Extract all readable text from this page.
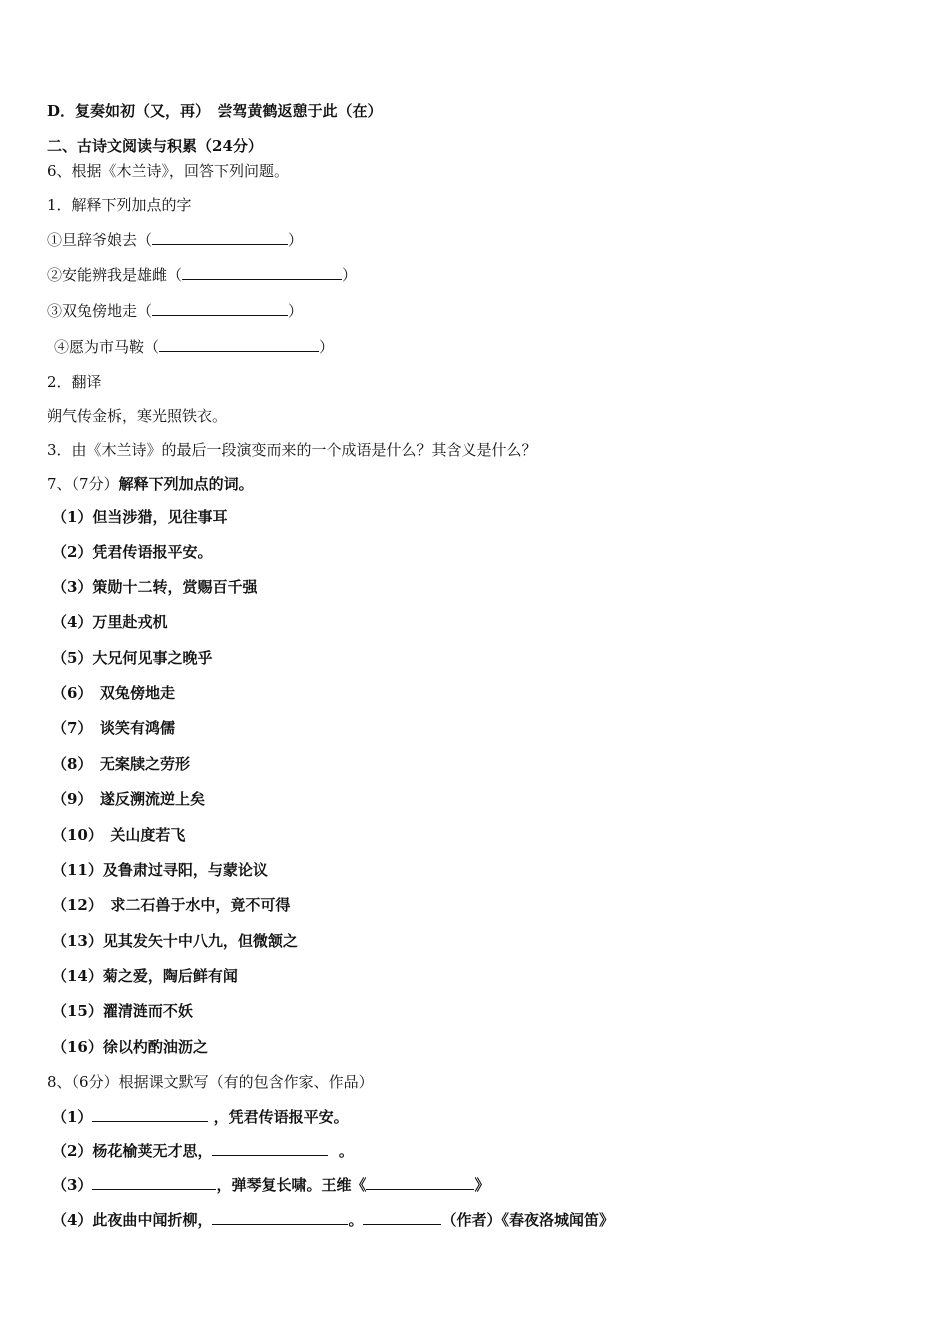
D．复奏如初（又，再）　尝驾黄鹤返憩于此（在）
二、古诗文阅读与积累（24分）
6、根据《木兰诗》，回答下列问题。
1．解释下列加点的字
①旦辞爷娘去（	）
②安能辨我是雄雌（	）
③双兔傍地走（	）
④愿为市马鞍（	）
2．翻译
朔气传金柝，寒光照铁衣。
3．由《木兰诗》的最后一段演变而来的一个成语是什么？其含义是什么？
7、（7分）解释下列加点的词。
（1）但当涉猎，见往事耳
（2）凭君传语报平安。
（3）策勋十二转，赏赐百千强
（4）万里赴戎机
（5）大兄何见事之晚乎
（6）　双兔傍地走
（7）　谈笑有鸿儒
（8）　无案牍之劳形
（9）　遂反溯流逆上矣
（10）　关山度若飞
（11）及鲁肃过寻阳，与蒙论议
（12）　求二石兽于水中，竟不可得
（13）见其发矢十中八九，但微颔之
（14）菊之爱，陶后鲜有闻
（15）濯清涟而不妖
（16）徐以杓酌油沥之
8、（6分）根据课文默写（有的包含作家、作品）
（1）	，凭君传语报平安。
（2）杨花榆荚无才思，	。
（3）	，弹琴复长啸。王维《	》
（4）此夜曲中闻折柳，	。	（作者）《春夜洛城闻笛》
